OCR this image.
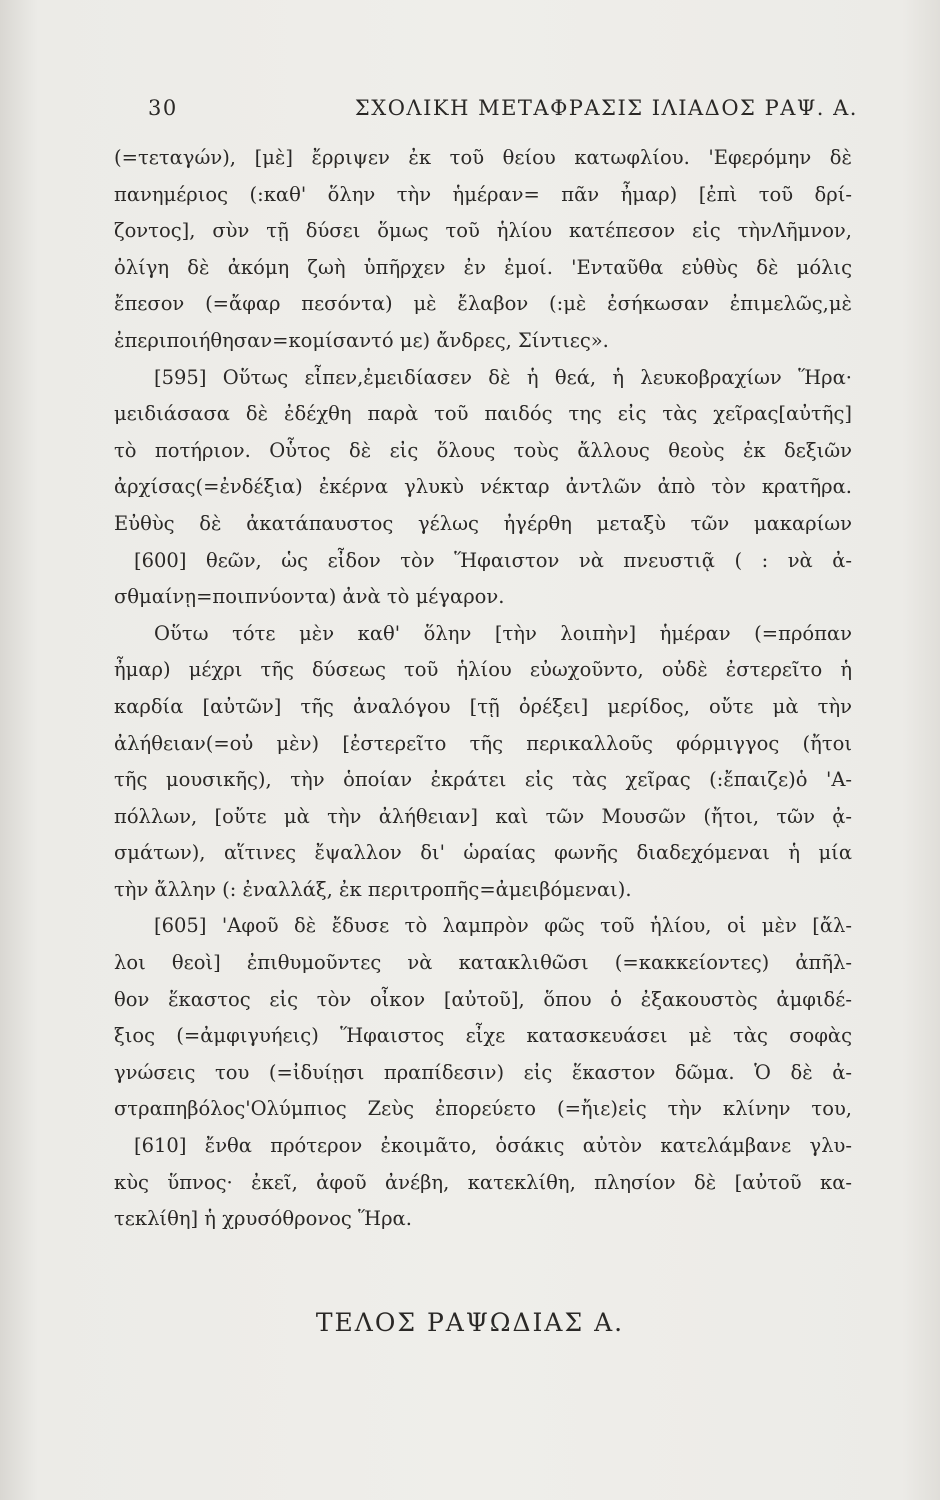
30	ΣΧΟΛΙΚΗ ΜΕΤΑΦΡΑΣΙΣ ΙΛΙΑΔΟΣ ΡΑΨ. Α.
(=τεταγών), [μὲ] ἔρριψεν ἐκ τοῦ θείου κατωφλίου. 'Εφερόμην δὲ
πανημέριος (:καθ' ὅλην τὴν ἡμέραν= πᾶν ἦμαρ) [ἐπὶ τοῦ δρί-
ζοντος], σὺν τῇ δύσει ὅμως τοῦ ἡλίου κατέπεσον εἰς τὴνΛῆμνον,
ὀλίγη δὲ ἀκόμη ζωὴ ὑπῆρχεν ἐν ἐμοί. 'Ενταῦθα εὐθὺς δὲ μόλις
ἔπεσον (=ἄφαρ πεσόντα) μὲ ἔλαβον (:μὲ ἐσήκωσαν ἐπιμελῶς,μὲ
ἐπεριποιήθησαν=κομίσαντό με) ἄνδρες, Σίντιες».
[595] Οὕτως εἶπεν,ἐμειδίασεν δὲ ἡ θεά, ἡ λευκοβραχίων Ἥρα·
μειδιάσασα δὲ ἐδέχθη παρὰ τοῦ παιδός της εἰς τὰς χεῖρας[αὐτῆς]
τὸ ποτήριον. Οὗτος δὲ εἰς ὅλους τοὺς ἄλλους θεοὺς ἐκ δεξιῶν
ἀρχίσας(=ἐνδέξια) ἐκέρνα γλυκὺ νέκταρ ἀντλῶν ἀπὸ τὸν κρατῆρα.
Εὐθὺς δὲ ἀκατάπαυστος γέλως ἠγέρθη μεταξὺ τῶν μακαρίων
[600] θεῶν, ὡς εἶδον τὸν Ἥφαιστον νὰ πνευστιᾷ ( : νὰ ἀ-
σθμαίνῃ=ποιπνύοντα) ἀνὰ τὸ μέγαρον.
Οὕτω τότε μὲν καθ' ὅλην [τὴν λοιπὴν] ἡμέραν (=πρόπαν
ἦμαρ) μέχρι τῆς δύσεως τοῦ ἡλίου εὐωχοῦντο, οὐδὲ ἐστερεῖτο ἡ
καρδία [αὐτῶν] τῆς ἀναλόγου [τῇ ὀρέξει] μερίδος, οὔτε μὰ τὴν
ἀλήθειαν(=οὐ μὲν) [ἐστερεῖτο τῆς περικαλλοῦς φόρμιγγος (ἤτοι
τῆς μουσικῆς), τὴν ὁποίαν ἐκράτει εἰς τὰς χεῖρας (:ἔπαιζε)ὁ 'Α-
πόλλων, [οὔτε μὰ τὴν ἀλήθειαν] καὶ τῶν Μουσῶν (ἤτοι, τῶν ᾀ-
σμάτων), αἵτινες ἔψαλλον δι' ὡραίας φωνῆς διαδεχόμεναι ἡ μία
τὴν ἄλλην (: ἐναλλάξ, ἐκ περιτροπῆς=ἀμειβόμεναι).
[605] 'Αφοῦ δὲ ἔδυσε τὸ λαμπρὸν φῶς τοῦ ἡλίου, οἱ μὲν [ἄλ-
λοι θεοὶ] ἐπιθυμοῦντες νὰ κατακλιθῶσι (=κακκείοντες) ἀπῆλ-
θον ἕκαστος εἰς τὸν οἶκον [αὐτοῦ], ὅπου ὁ ἐξακουστὸς ἀμφιδέ-
ξιος (=ἀμφιγυήεις) Ἥφαιστος εἶχε κατασκευάσει μὲ τὰς σοφὰς
γνώσεις του (=ἰδυίῃσι πραπίδεσιν) εἰς ἕκαστον δῶμα. Ὁ δὲ ἀ-
στραπηβόλος'Ολύμπιος Ζεὺς ἐπορεύετο (=ἤιε)εἰς τὴν κλίνην του,
[610] ἔνθα πρότερον ἐκοιμᾶτο, ὁσάκις αὐτὸν κατελάμβανε γλυ-
κὺς ὕπνος· ἐκεῖ, ἀφοῦ ἀνέβη, κατεκλίθη, πλησίον δὲ [αὐτοῦ κα-
τεκλίθη] ἡ χρυσόθρονος Ἥρα.
ΤΕΛΟΣ ΡΑΨΩΔΙΑΣ Α.
